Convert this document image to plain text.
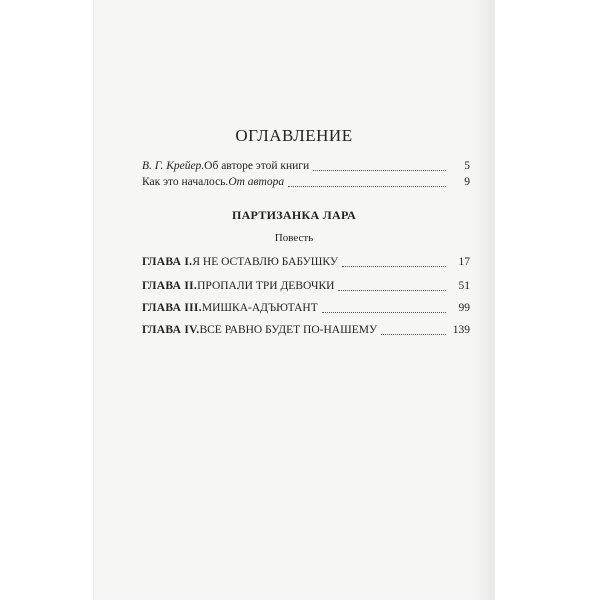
ОГЛАВЛЕНИЕ
В. Г. Крейер. Об авторе этой книги	5
Как это началось. От автора	9
ПАРТИЗАНКА ЛАРА
Повесть
ГЛАВА I. Я НЕ ОСТАВЛЮ БАБУШКУ	17
ГЛАВА II. ПРОПАЛИ ТРИ ДЕВОЧКИ	51
ГЛАВА III. МИШКА-АДЪЮТАНТ	99
ГЛАВА IV. ВСЕ РАВНО БУДЕТ ПО-НАШЕМУ	139
